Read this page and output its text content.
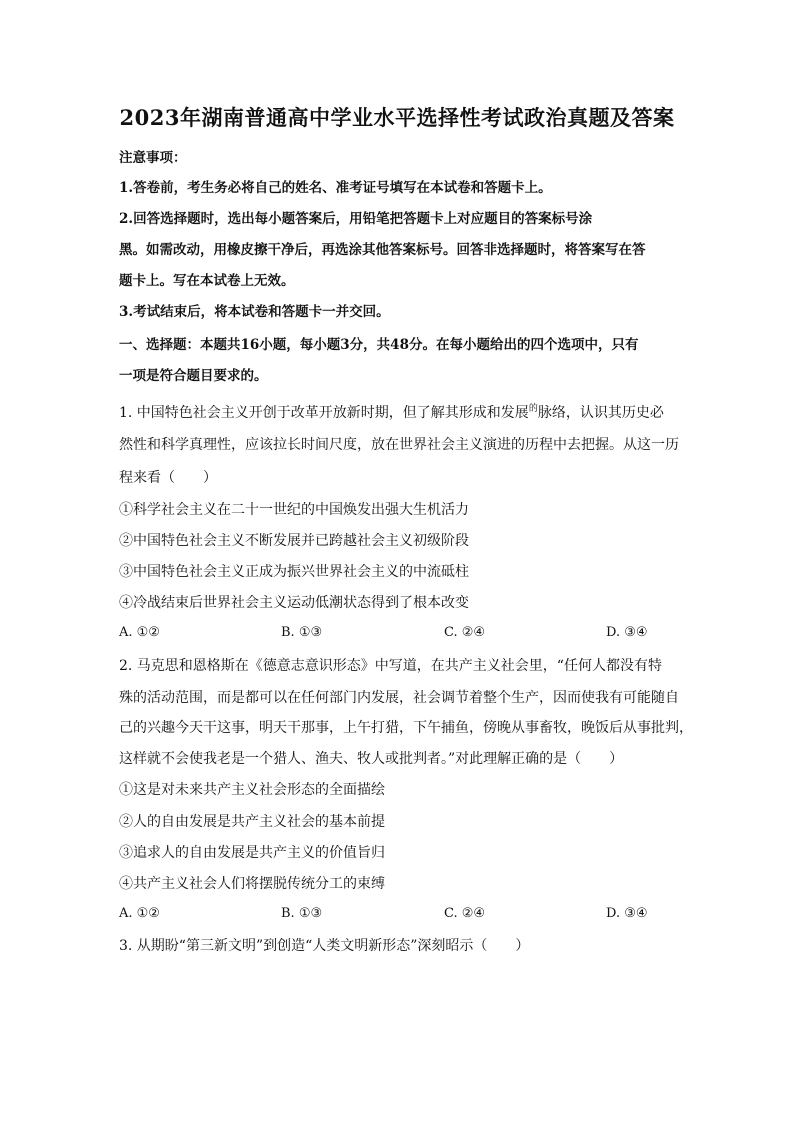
2023年湖南普通高中学业水平选择性考试政治真题及答案

注意事项：

1.答卷前，考生务必将自己的姓名、准考证号填写在本试卷和答题卡上。

2.回答选择题时，选出每小题答案后，用铅笔把答题卡上对应题目的答案标号涂

黑。如需改动，用橡皮擦干净后，再选涂其他答案标号。回答非选择题时，将答案写在答

题卡上。写在本试卷上无效。

3.考试结束后，将本试卷和答题卡一并交回。

一、选择题：本题共16小题，每小题3分，共48分。在每小题给出的四个选项中，只有

一项是符合题目要求的。

1. 中国特色社会主义开创于改革开放新时期，但了解其形成和发展$^的$脉络，认识其历史必

然性和科学真理性，应该拉长时间尺度，放在世界社会主义演进的历程中去把握。从这一历

程来看（　　）

①科学社会主义在二十一世纪的中国焕发出强大生机活力

②中国特色社会主义不断发展并已跨越社会主义初级阶段

③中国特色社会主义正成为振兴世界社会主义的中流砥柱

④冷战结束后世界社会主义运动低潮状态得到了根本改变

A. ①②	B. ①③	C. ②④	D. ③④

2. 马克思和恩格斯在《德意志意识形态》中写道，在共产主义社会里，“任何人都没有特

殊的活动范围，而是都可以在任何部门内发展，社会调节着整个生产，因而使我有可能随自

己的兴趣今天干这事，明天干那事，上午打猎，下午捕鱼，傍晚从事畜牧，晚饭后从事批判，

这样就不会使我老是一个猎人、渔夫、牧人或批判者。”对此理解正确的是（　　）

①这是对未来共产主义社会形态的全面描绘

②人的自由发展是共产主义社会的基本前提

③追求人的自由发展是共产主义的价值旨归

④共产主义社会人们将摆脱传统分工的束缚

A. ①②	B. ①③	C. ②④	D. ③④

3. 从期盼“第三新文明”到创造“人类文明新形态”深刻昭示（　　）
